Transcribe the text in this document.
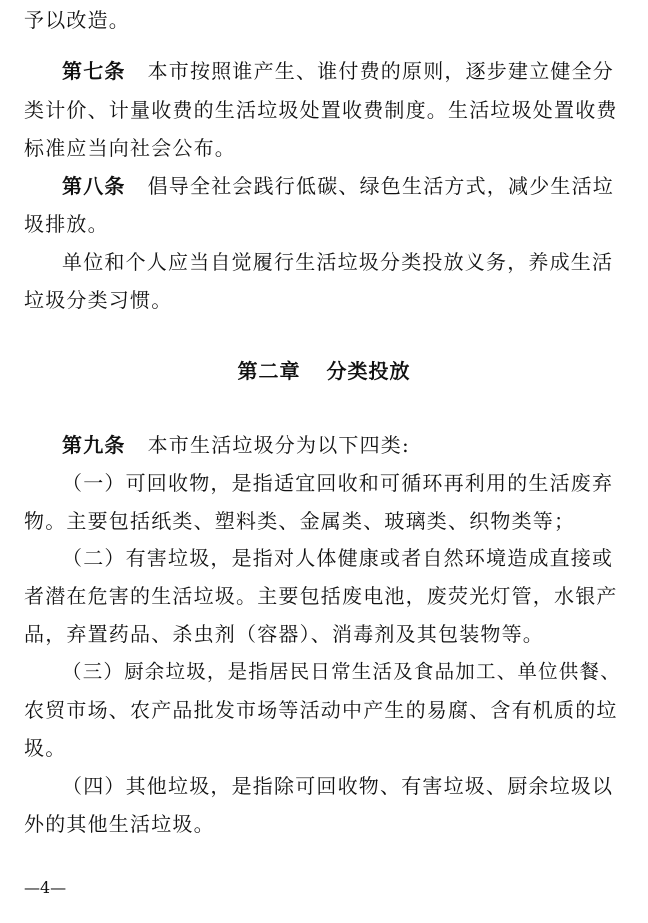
予以改造。
第七条 本市按照谁产生、谁付费的原则，逐步建立健全分
类计价、计量收费的生活垃圾处置收费制度。生活垃圾处置收费
标准应当向社会公布。
第八条 倡导全社会践行低碳、绿色生活方式，减少生活垃
圾排放。
单位和个人应当自觉履行生活垃圾分类投放义务，养成生活
垃圾分类习惯。
第二章 分类投放
第九条 本市生活垃圾分为以下四类:
（一）可回收物，是指适宜回收和可循环再利用的生活废弃
物。主要包括纸类、塑料类、金属类、玻璃类、织物类等；
（二）有害垃圾，是指对人体健康或者自然环境造成直接或
者潜在危害的生活垃圾。主要包括废电池，废荧光灯管，水银产
品，弃置药品、杀虫剂（容器）、消毒剂及其包装物等。
（三）厨余垃圾，是指居民日常生活及食品加工、单位供餐、
农贸市场、农产品批发市场等活动中产生的易腐、含有机质的垃
圾。
（四）其他垃圾，是指除可回收物、有害垃圾、厨余垃圾以
外的其他生活垃圾。
—4—
